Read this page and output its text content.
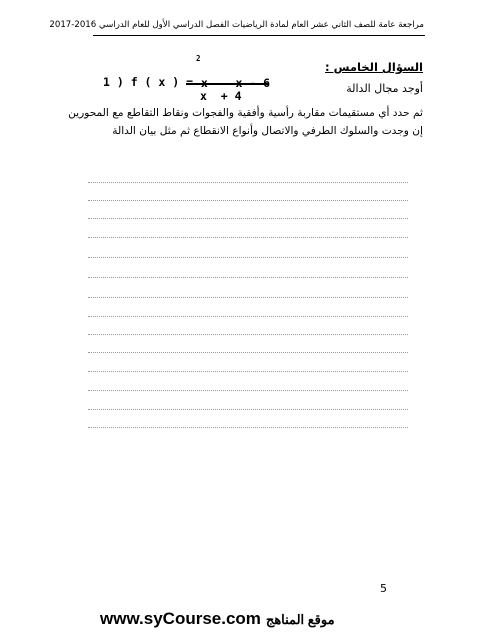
مراجعة عامة للصف الثاني عشر العام لمادة الرياضيات الفصل الدراسي الأول للعام الدراسي 2016-2017
السؤال الخامس :
أوجد مجال الدالة
1 ) f ( x ) = x
2
–  x - 6

x  + 4
ثم حدد أي مستقيمات مقاربة رأسية وأفقية والفجوات ونقاط التقاطع مع المحورين
إن وجدت والسلوك الطرفي والاتصال وأنواع الانقطاع ثم مثل بيان الدالة
5
www.syCourse.com موقع المناهج
